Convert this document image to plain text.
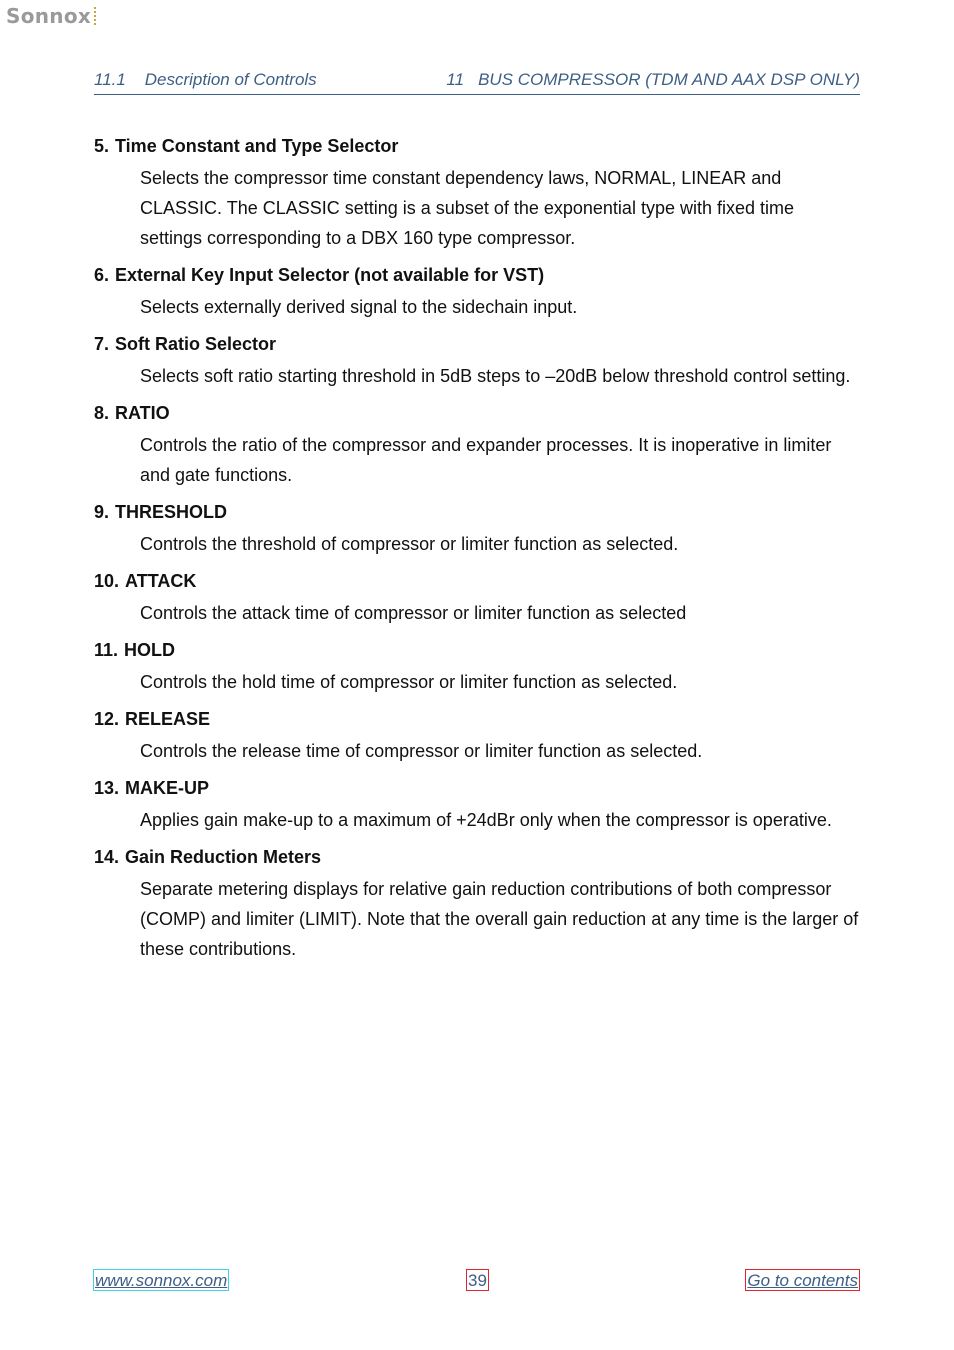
Sonnox
11.1    Description of Controls	11 BUS COMPRESSOR (TDM AND AAX DSP ONLY)
5. Time Constant and Type Selector
Selects the compressor time constant dependency laws, NORMAL, LINEAR and CLASSIC. The CLASSIC setting is a subset of the exponential type with fixed time settings corresponding to a DBX 160 type compressor.
6. External Key Input Selector (not available for VST)
Selects externally derived signal to the sidechain input.
7. Soft Ratio Selector
Selects soft ratio starting threshold in 5dB steps to –20dB below threshold control setting.
8. RATIO
Controls the ratio of the compressor and expander processes. It is inoperative in limiter and gate functions.
9. THRESHOLD
Controls the threshold of compressor or limiter function as selected.
10. ATTACK
Controls the attack time of compressor or limiter function as selected
11. HOLD
Controls the hold time of compressor or limiter function as selected.
12. RELEASE
Controls the release time of compressor or limiter function as selected.
13. MAKE-UP
Applies gain make-up to a maximum of +24dBr only when the compressor is operative.
14. Gain Reduction Meters
Separate metering displays for relative gain reduction contributions of both compressor (COMP) and limiter (LIMIT). Note that the overall gain reduction at any time is the larger of these contributions.
www.sonnox.com	39	Go to contents
